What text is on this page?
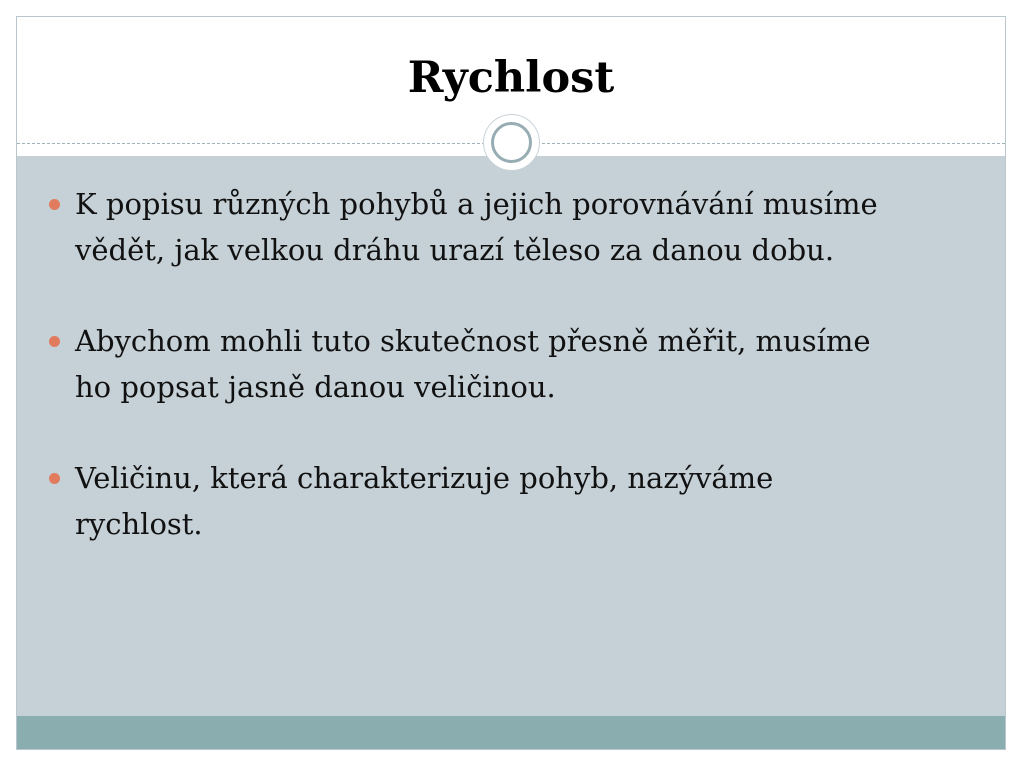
Rychlost
K popisu různých pohybů a jejich porovnávání musíme vědět, jak velkou dráhu urazí těleso za danou dobu.
Abychom mohli tuto skutečnost přesně měřit, musíme ho popsat jasně danou veličinou.
Veličinu, která charakterizuje pohyb, nazýváme rychlost.
